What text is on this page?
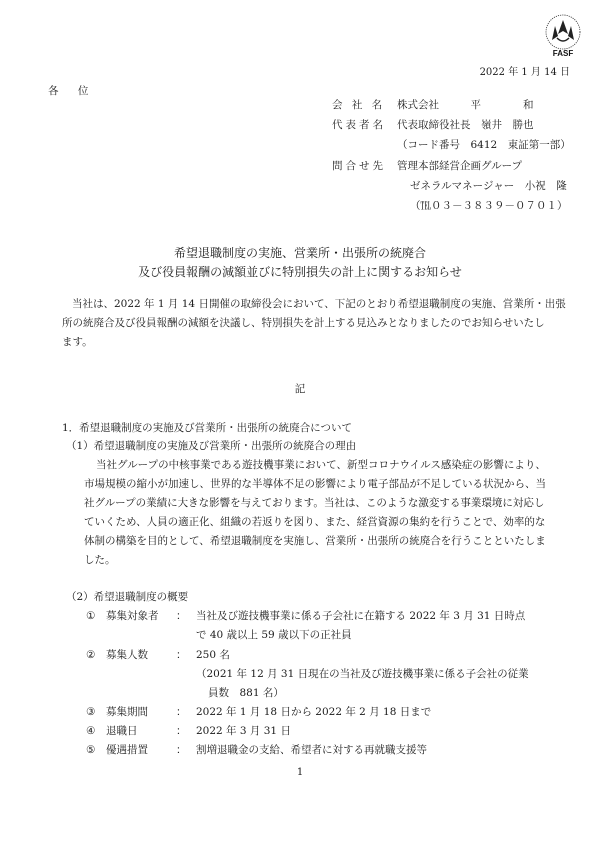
FASF
2022 年 1 月 14 日
各 位
会 社 名	株式会社　　　平　　　　和
代表者名	代表取締役社長　嶺井　勝也
（コード番号　6412　東証第一部）
問合せ先	管理本部経営企画グループ
ゼネラルマネージャー　小祝　隆
（℡０３－３８３９－０７０１）
希望退職制度の実施、営業所・出張所の統廃合
及び役員報酬の減額並びに特別損失の計上に関するお知らせ
当社は、2022 年 1 月 14 日開催の取締役会において、下記のとおり希望退職制度の実施、営業所・出張
所の統廃合及び役員報酬の減額を決議し、特別損失を計上する見込みとなりましたのでお知らせいたし
ます。
記
1．希望退職制度の実施及び営業所・出張所の統廃合について
（1）希望退職制度の実施及び営業所・出張所の統廃合の理由
当社グループの中核事業である遊技機事業において、新型コロナウイルス感染症の影響により、
市場規模の縮小が加速し、世界的な半導体不足の影響により電子部品が不足している状況から、当
社グループの業績に大きな影響を与えております。当社は、このような激変する事業環境に対応し
ていくため、人員の適正化、組織の若返りを図り、また、経営資源の集約を行うことで、効率的な
体制の構築を目的として、希望退職制度を実施し、営業所・出張所の統廃合を行うことといたしま
した。
（2）希望退職制度の概要
① 募集対象者 ： 当社及び遊技機事業に係る子会社に在籍する 2022 年 3 月 31 日時点
で 40 歳以上 59 歳以下の正社員
② 募集人数	： 250 名
（2021 年 12 月 31 日現在の当社及び遊技機事業に係る子会社の従業
員数　881 名）
③ 募集期間	： 2022 年 1 月 18 日から 2022 年 2 月 18 日まで
④ 退職日	： 2022 年 3 月 31 日
⑤ 優遇措置	： 割増退職金の支給、希望者に対する再就職支援等
1
